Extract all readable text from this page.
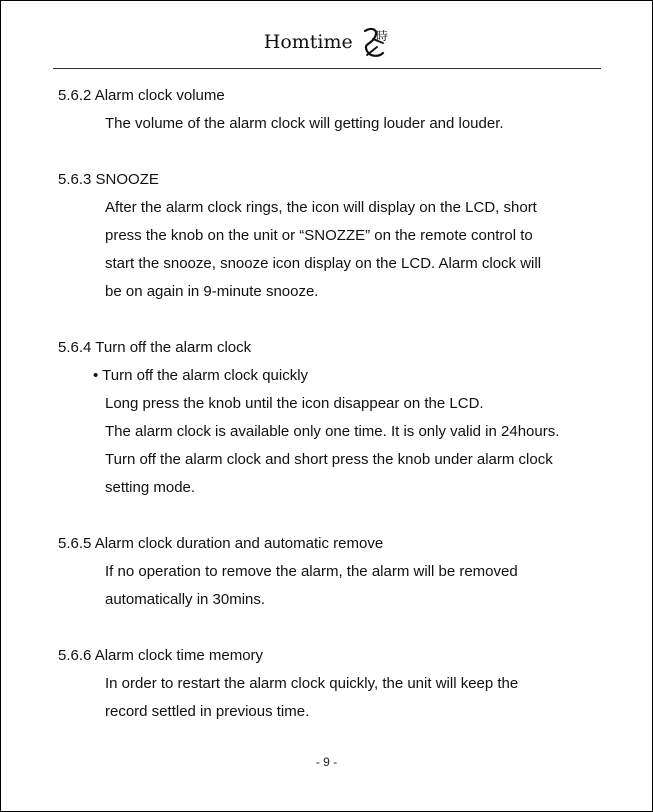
Homtime 時
5.6.2 Alarm clock volume
The volume of the alarm clock will getting louder and louder.
5.6.3 SNOOZE
After the alarm clock rings, the icon will display on the LCD, short
press the knob on the unit or “SNOZZE” on the remote control to
start the snooze, snooze icon display on the LCD. Alarm clock will
be on again in 9-minute snooze.
5.6.4 Turn off the alarm clock
• Turn off the alarm clock quickly
Long press the knob until the icon disappear on the LCD.
The alarm clock is available only one time. It is only valid in 24hours.
Turn off the alarm clock and short press the knob under alarm clock
setting mode.
5.6.5 Alarm clock duration and automatic remove
If no operation to remove the alarm, the alarm will be removed
automatically in 30mins.
5.6.6 Alarm clock time memory
In order to restart the alarm clock quickly, the unit will keep the
record settled in previous time.
- 9 -
